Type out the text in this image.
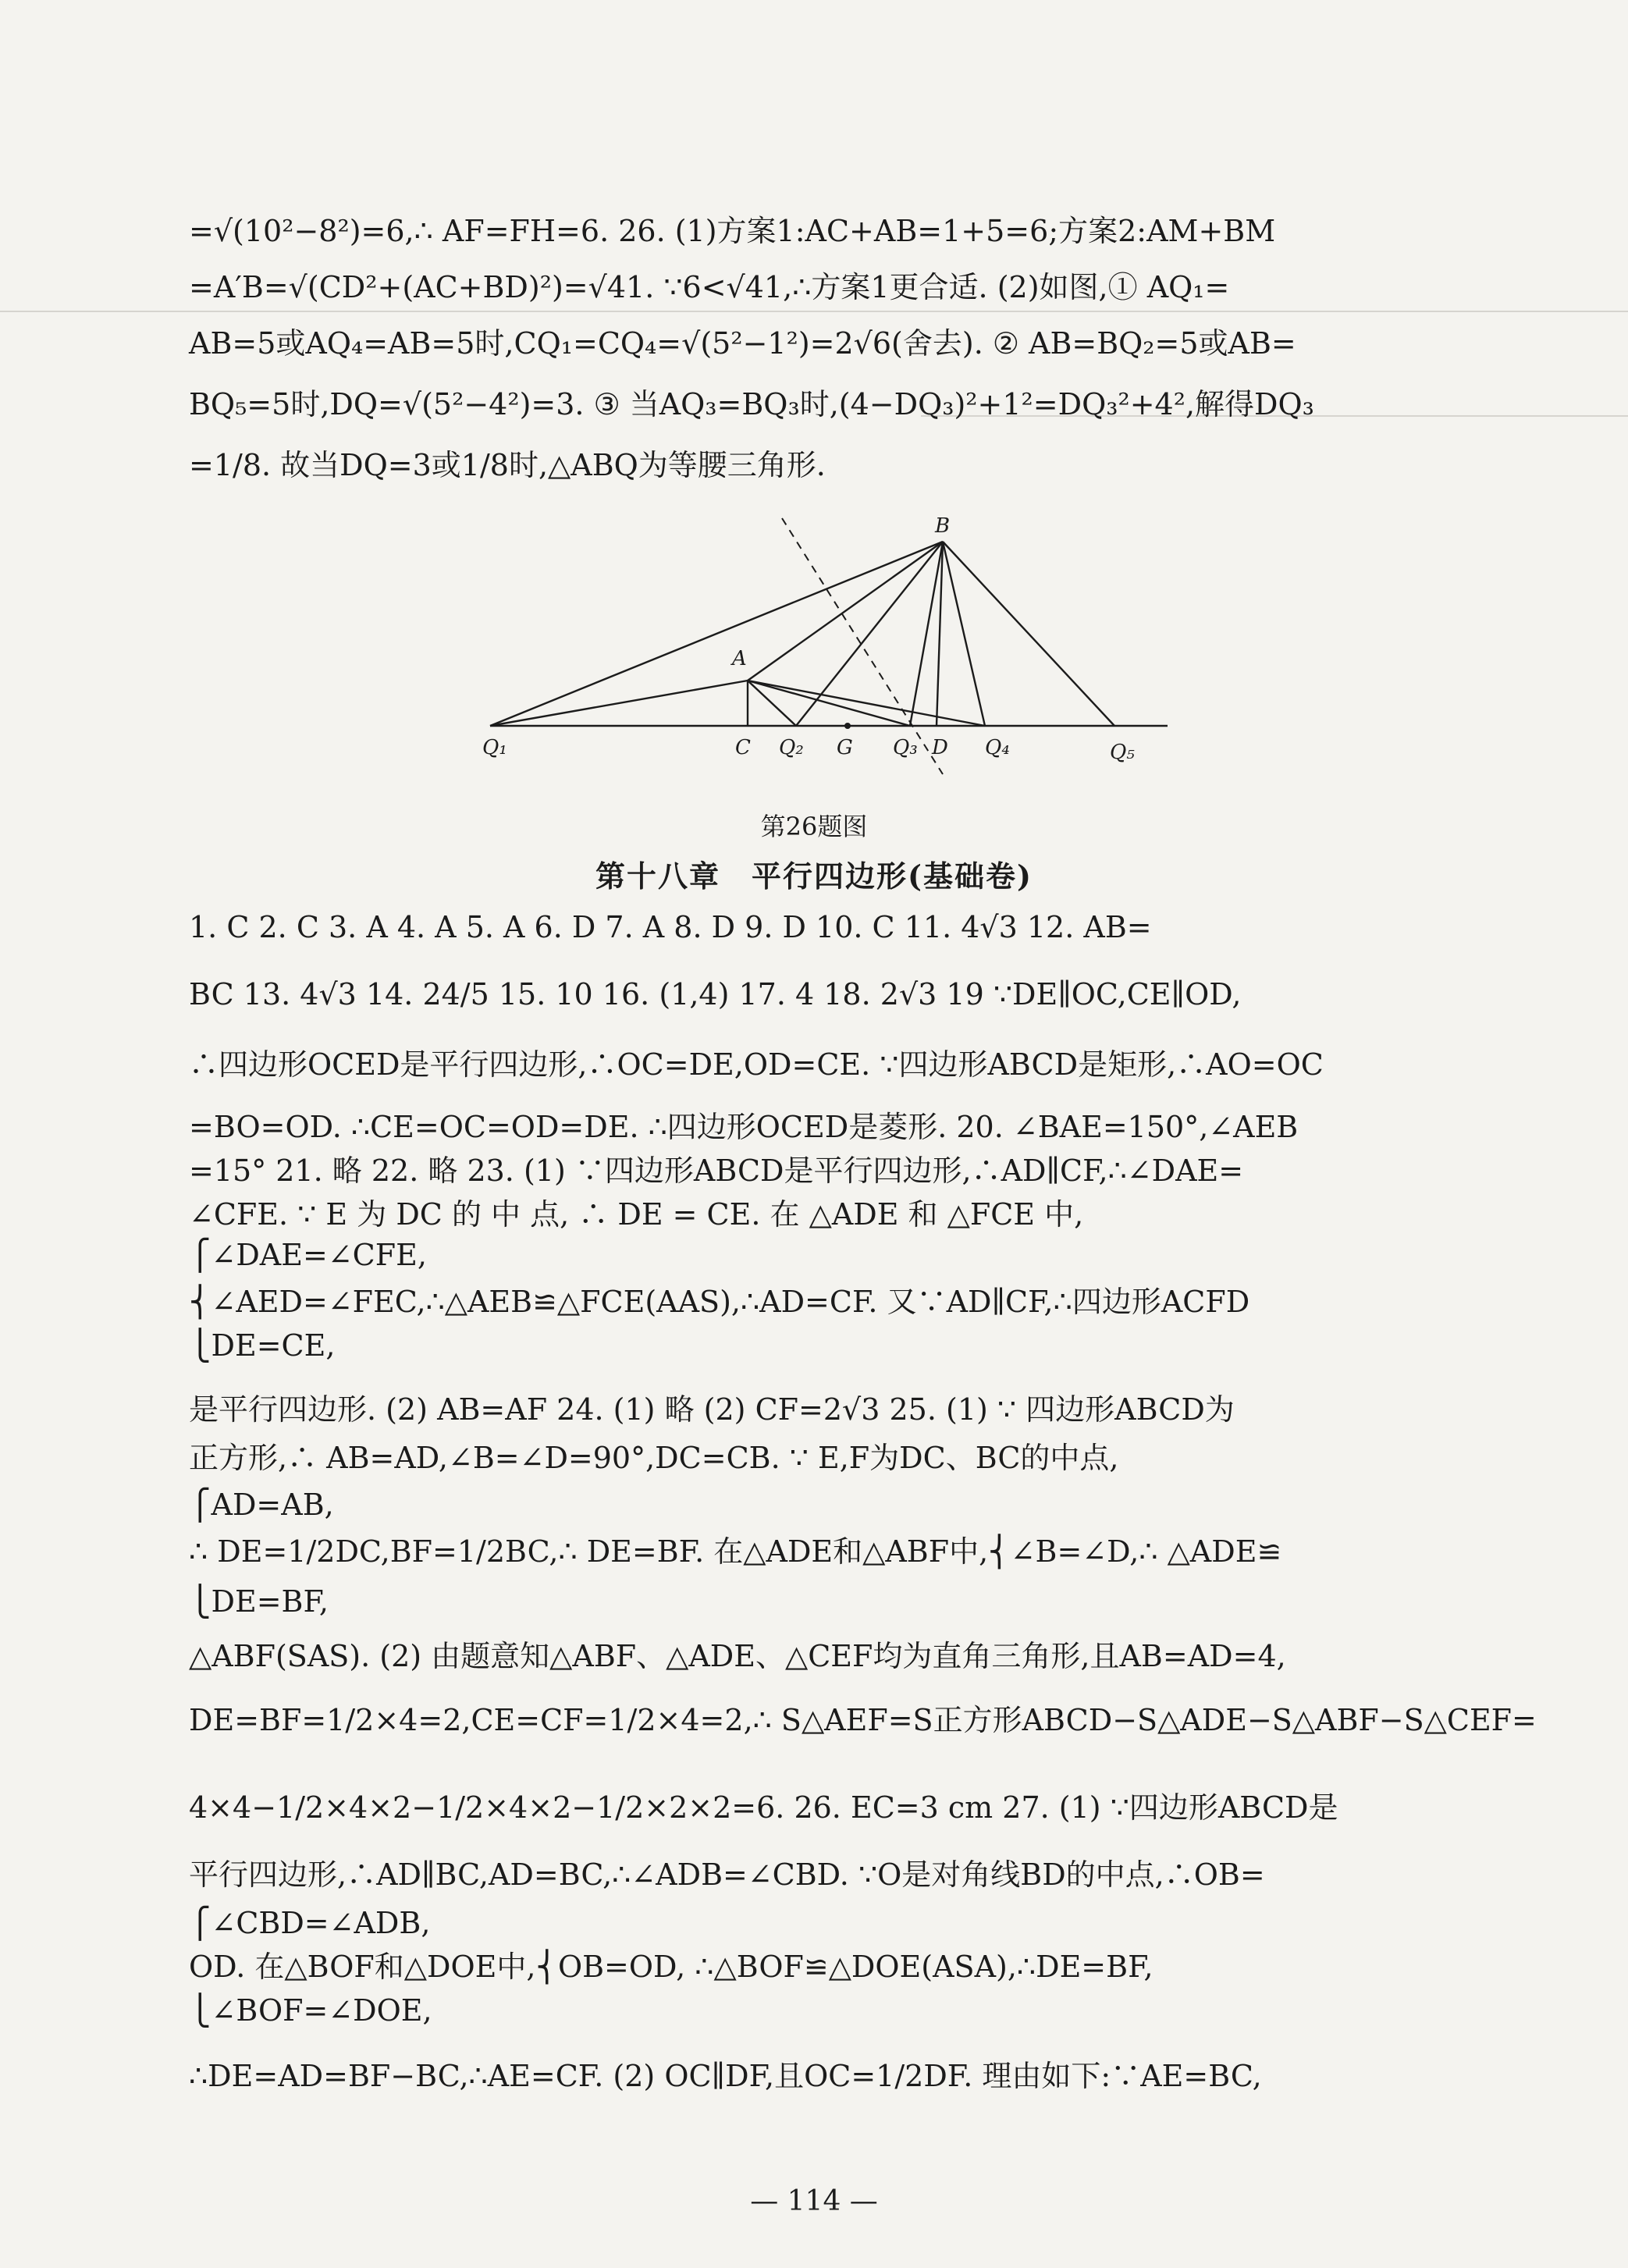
=√(10²−8²)=6,∴ AF=FH=6. 26. (1)方案1:AC+AB=1+5=6;方案2:AM+BM
=A′B=√(CD²+(AC+BD)²)=√41. ∵6<√41,∴方案1更合适. (2)如图,① AQ₁=
AB=5或AQ₄=AB=5时,CQ₁=CQ₄=√(5²−1²)=2√6(舍去). ② AB=BQ₂=5或AB=
BQ₅=5时,DQ=√(5²−4²)=3. ③ 当AQ₃=BQ₃时,(4−DQ₃)²+1²=DQ₃²+4²,解得DQ₃
=1/8. 故当DQ=3或1/8时,△ABQ为等腰三角形.
B
A
Q₁	C Q₂ G Q₃ D Q₄	Q₅
第26题图
第十八章　平行四边形(基础卷)
1. C 2. C 3. A 4. A 5. A 6. D 7. A 8. D 9. D 10. C 11. 4√3 12. AB=
BC 13. 4√3 14. 24/5 15. 10 16. (1,4) 17. 4 18. 2√3 19 ∵DE∥OC,CE∥OD,
∴四边形OCED是平行四边形,∴OC=DE,OD=CE. ∵四边形ABCD是矩形,∴AO=OC
=BO=OD. ∴CE=OC=OD=DE. ∴四边形OCED是菱形. 20. ∠BAE=150°,∠AEB
=15° 21. 略 22. 略 23. (1) ∵四边形ABCD是平行四边形,∴AD∥CF,∴∠DAE=
∠CFE. ∵ E 为 DC 的 中 点, ∴ DE = CE. 在 △ADE 和 △FCE 中,
⎧∠DAE=∠CFE,
⎨∠AED=∠FEC,∴△AEB≌△FCE(AAS),∴AD=CF. 又∵AD∥CF,∴四边形ACFD
⎩DE=CE,
是平行四边形. (2) AB=AF 24. (1) 略 (2) CF=2√3 25. (1) ∵ 四边形ABCD为
正方形,∴ AB=AD,∠B=∠D=90°,DC=CB. ∵ E,F为DC、BC的中点,
⎧AD=AB,
∴ DE=1/2DC,BF=1/2BC,∴ DE=BF. 在△ADE和△ABF中,⎨∠B=∠D,∴ △ADE≌
⎩DE=BF,
△ABF(SAS). (2) 由题意知△ABF、△ADE、△CEF均为直角三角形,且AB=AD=4,
DE=BF=1/2×4=2,CE=CF=1/2×4=2,∴ S△AEF=S正方形ABCD−S△ADE−S△ABF−S△CEF=
4×4−1/2×4×2−1/2×4×2−1/2×2×2=6. 26. EC=3 cm 27. (1) ∵四边形ABCD是
平行四边形,∴AD∥BC,AD=BC,∴∠ADB=∠CBD. ∵O是对角线BD的中点,∴OB=
⎧∠CBD=∠ADB,
OD. 在△BOF和△DOE中,⎨OB=OD, ∴△BOF≌△DOE(ASA),∴DE=BF,
⎩∠BOF=∠DOE,
∴DE=AD=BF−BC,∴AE=CF. (2) OC∥DF,且OC=1/2DF. 理由如下:∵AE=BC,
— 114 —
